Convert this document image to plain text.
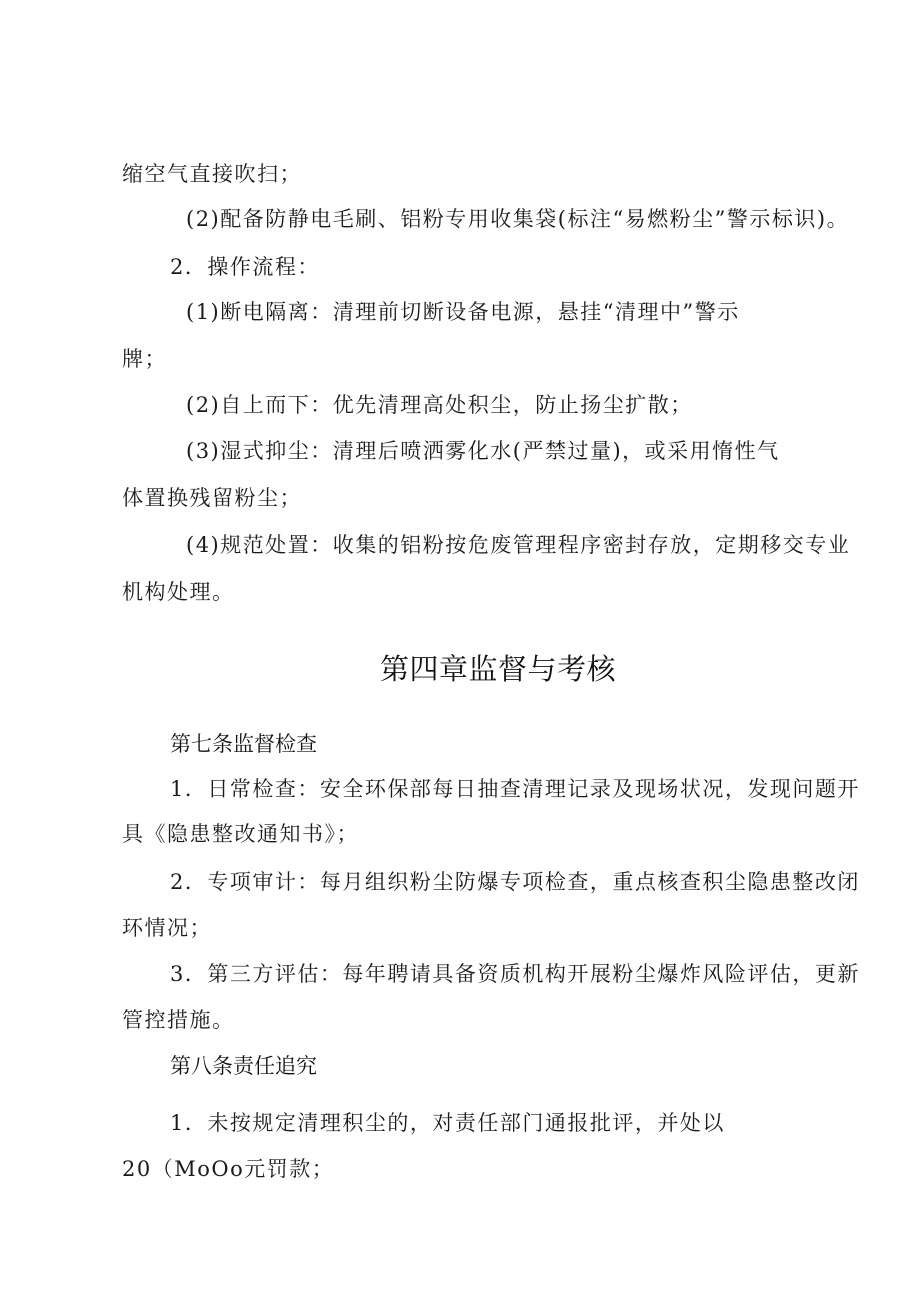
缩空气直接吹扫；
(2)配备防静电毛刷、铝粉专用收集袋(标注“易燃粉尘”警示标识)。
2．操作流程：
(1)断电隔离：清理前切断设备电源，悬挂“清理中”警示
牌；
(2)自上而下：优先清理高处积尘，防止扬尘扩散；
(3)湿式抑尘：清理后喷洒雾化水(严禁过量)，或采用惰性气
体置换残留粉尘；
(4)规范处置：收集的铝粉按危废管理程序密封存放，定期移交专业
机构处理。
第四章监督与考核
第七条监督检查
1．日常检查：安全环保部每日抽查清理记录及现场状况，发现问题开
具《隐患整改通知书》；
2．专项审计：每月组织粉尘防爆专项检查，重点核查积尘隐患整改闭
环情况；
3．第三方评估：每年聘请具备资质机构开展粉尘爆炸风险评估，更新
管控措施。
第八条责任追究
1．未按规定清理积尘的，对责任部门通报批评，并处以
20（MoOo元罚款；
